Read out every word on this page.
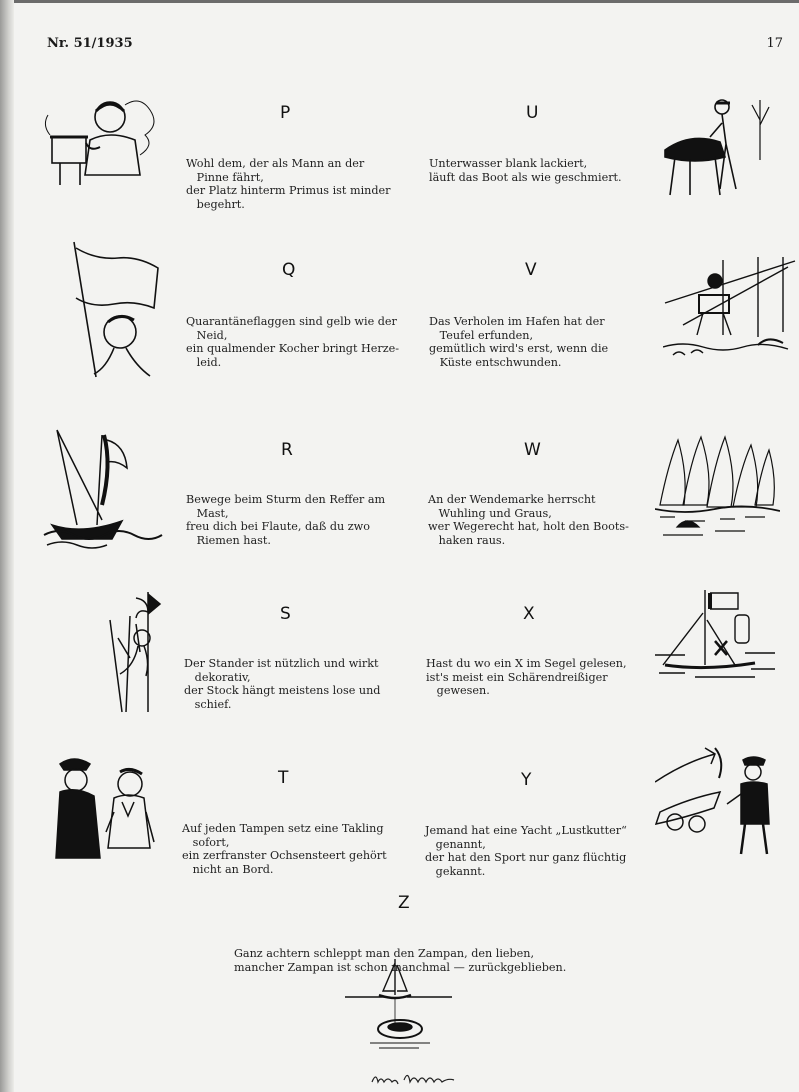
Nr. 51/1935	17
P

Wohl dem, der als Mann an der
Pinne fährt,
der Platz hinterm Primus ist minder
begehrt.

U

Unterwasser blank lackiert,
läuft das Boot als wie geschmiert.

Q

Quarantäneflaggen sind gelb wie der
Neid,
ein qualmender Kocher bringt Herze-
leid.

V

Das Verholen im Hafen hat der
Teufel erfunden,
gemütlich wird's erst, wenn die
Küste entschwunden.

R

Bewege beim Sturm den Reffer am
Mast,
freu dich bei Flaute, daß du zwo
Riemen hast.

W

An der Wendemarke herrscht
Wuhling und Graus,
wer Wegerecht hat, holt den Boots-
haken raus.

S

Der Stander ist nützlich und wirkt
dekorativ,
der Stock hängt meistens lose und
schief.

X

Hast du wo ein X im Segel gelesen,
ist's meist ein Schärendreißiger
gewesen.

T

Auf jeden Tampen setz eine Takling
sofort,
ein zerfranster Ochsensteert gehört
nicht an Bord.

Y

Jemand hat eine Yacht „Lustkutter“
genannt,
der hat den Sport nur ganz flüchtig
gekannt.

Z

Ganz achtern schleppt man den Zampan, den lieben,
mancher Zampan ist schon manchmal — zurückgeblieben.
